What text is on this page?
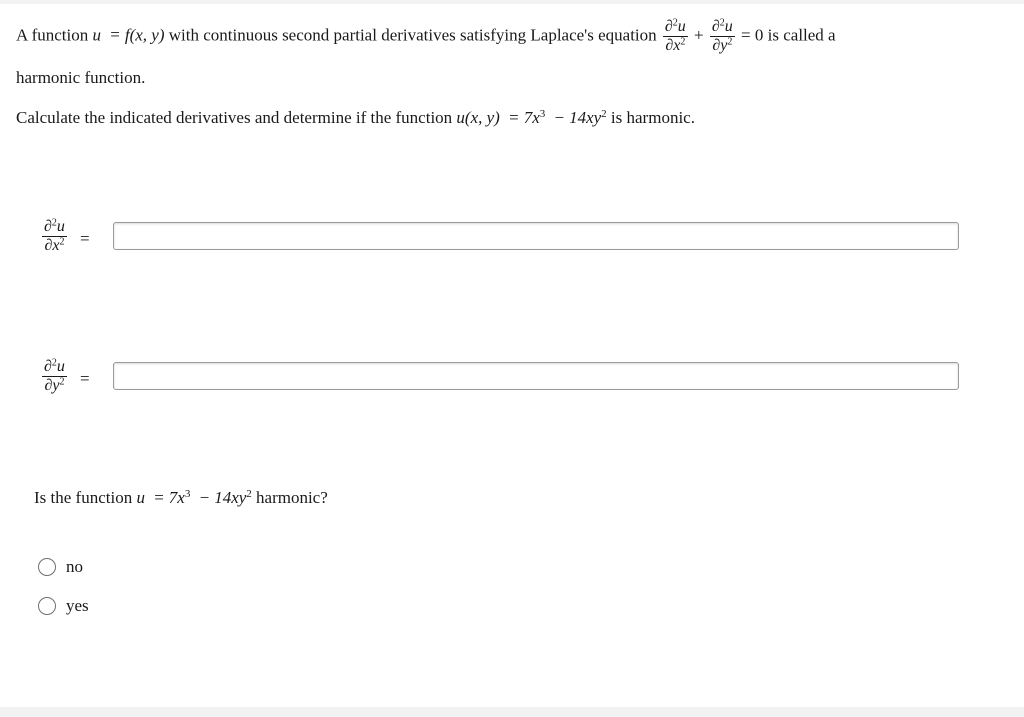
A function u = f(x, y) with continuous second partial derivatives satisfying Laplace's equation $\frac{\partial^2u}{\partial x^2} + \frac{\partial^2u}{\partial y^2} = 0$ is called a
harmonic function.
Calculate the indicated derivatives and determine if the function u(x, $y) = 7x^3 - 14xy^2$ is harmonic.
$\frac{\partial^2u}{\partial x^2}$ =
$\frac{\partial^2u}{\partial y^2}$ =
Is the function $u = 7x^3 - 14xy^2$ harmonic?
no
yes
